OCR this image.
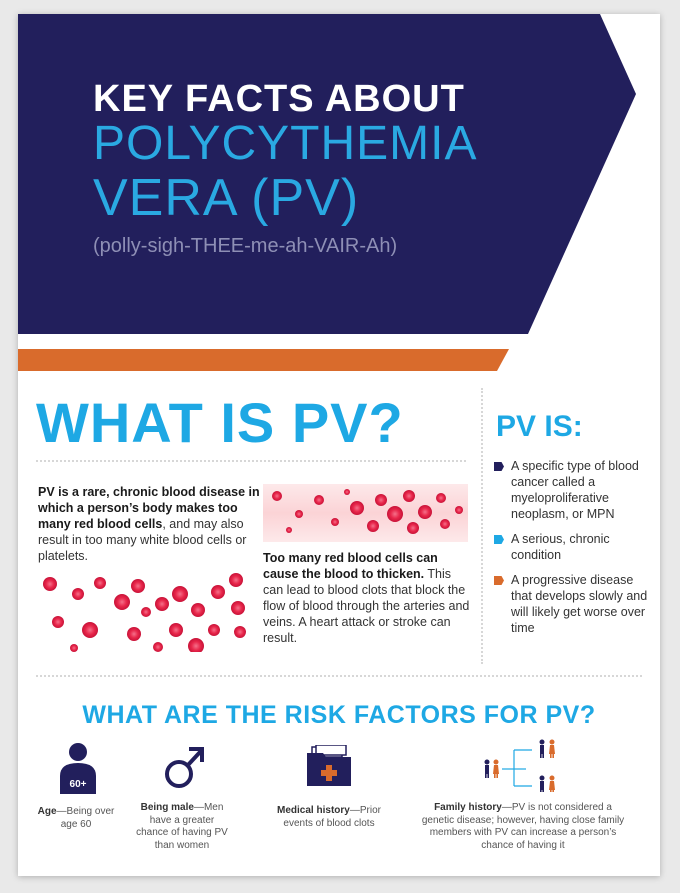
KEY FACTS ABOUT
POLYCYTHEMIA
VERA (PV)
(polly-sigh-THEE-me-ah-VAIR-Ah)
WHAT IS PV?
PV is a rare, chronic blood disease in which a person’s body makes too many red blood cells, and may also result in too many white blood cells or platelets.	Too many red blood cells can cause the blood to thicken. This can lead to blood clots that block the flow of blood through the arteries and veins. A heart attack or stroke can result.
PV IS:
A specific type of blood cancer called a myeloproliferative neoplasm, or MPN
A serious, chronic condition
A progressive disease that develops slowly and will likely get worse over time
WHAT ARE THE RISK FACTORS FOR PV?
60+
Age—Being over age 60
Being male—Men have a greater chance of having PV than women
Medical history—Prior events of blood clots
Family history—PV is not considered a genetic disease; however, having close family members with PV can increase a person’s chance of having it
